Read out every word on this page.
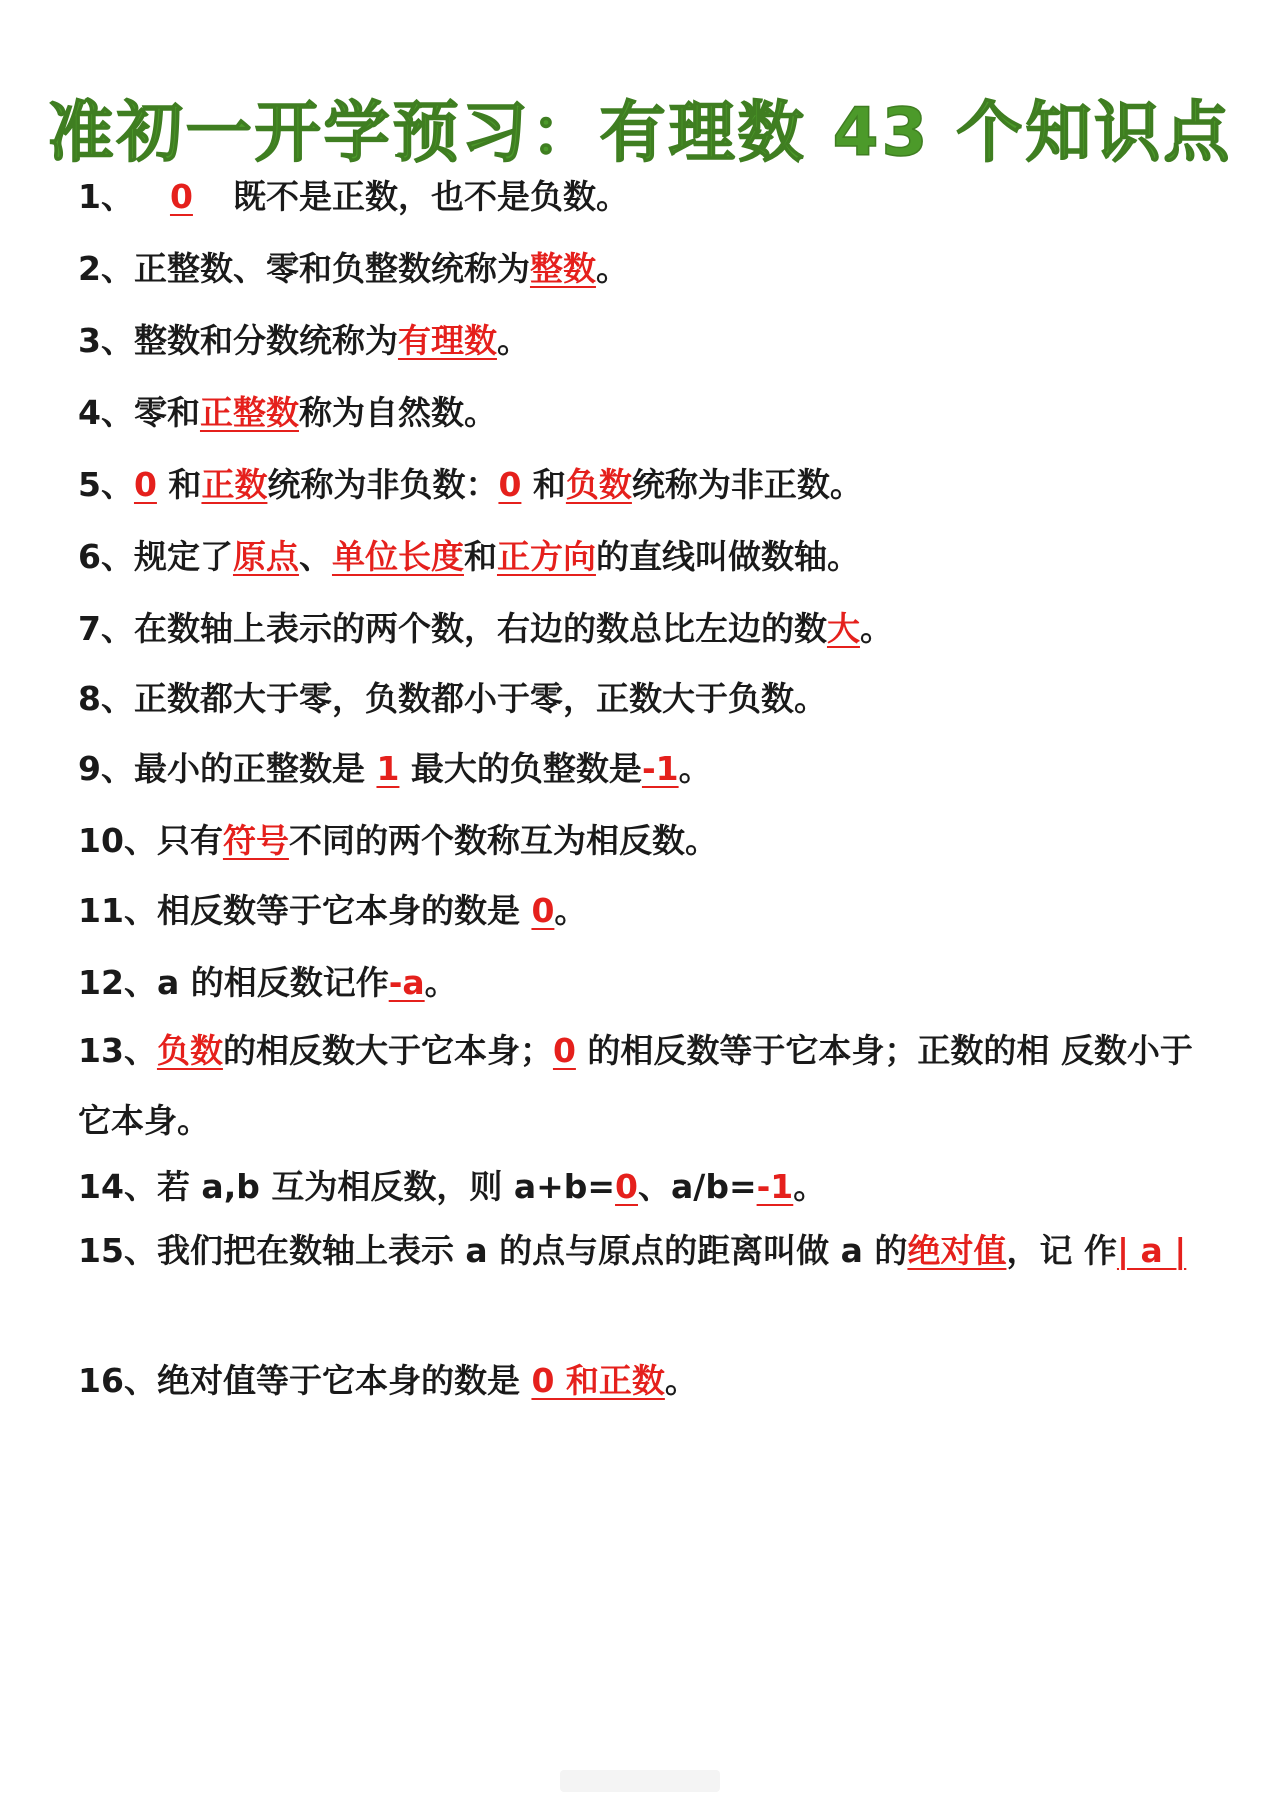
准初一开学预习：有理数 43 个知识点
1、 0 既不是正数，也不是负数。
2、正整数、零和负整数统称为整数。
3、整数和分数统称为有理数。
4、零和正整数称为自然数。
5、0 和正数统称为非负数：0 和负数统称为非正数。
6、规定了原点、单位长度和正方向的直线叫做数轴。
7、在数轴上表示的两个数，右边的数总比左边的数大。
8、正数都大于零，负数都小于零，正数大于负数。
9、最小的正整数是 1 最大的负整数是-1。
10、只有符号不同的两个数称互为相反数。
11、相反数等于它本身的数是 0。
12、a 的相反数记作-a。
13、负数的相反数大于它本身；0 的相反数等于它本身；正数的相 反数小于它本身。
14、若 a,b 互为相反数，则 a+b=0、a/b=-1。
15、我们把在数轴上表示 a 的点与原点的距离叫做 a 的绝对值，记 作| a |
16、绝对值等于它本身的数是 0 和正数。
